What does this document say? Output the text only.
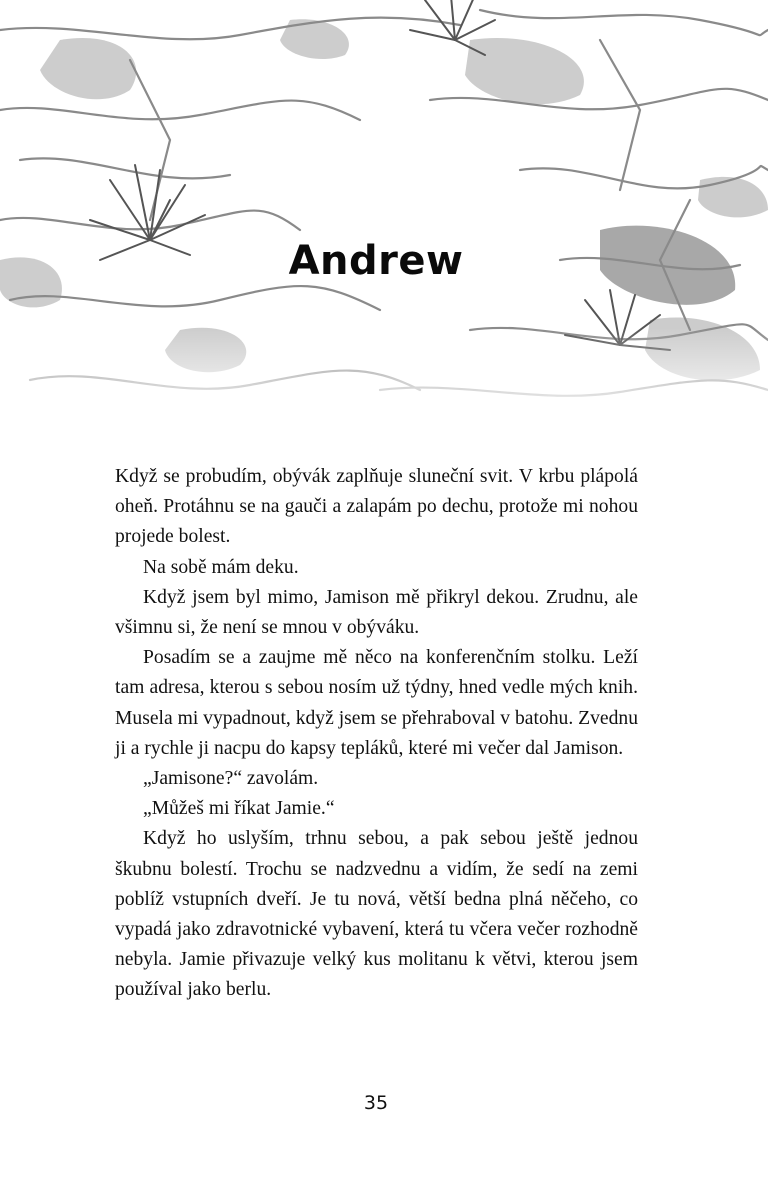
Andrew

Když se probudím, obývák zaplňuje sluneční svit. V krbu plápolá oheň. Protáhnu se na gauči a zalapám po dechu, protože mi nohou projede bolest.

Na sobě mám deku.

Když jsem byl mimo, Jamison mě přikryl dekou. Zrudnu, ale všimnu si, že není se mnou v obýváku.

Posadím se a zaujme mě něco na konferenčním stolku. Leží tam adresa, kterou s sebou nosím už týdny, hned vedle mých knih. Musela mi vypadnout, když jsem se přehraboval v batohu. Zvednu ji a rychle ji nacpu do kapsy tepláků, které mi večer dal Jamison.

„Jamisone?“ zavolám.

„Můžeš mi říkat Jamie.“

Když ho uslyším, trhnu sebou, a pak sebou ještě jednou škubnu bolestí. Trochu se nadzvednu a vidím, že sedí na zemi poblíž vstupních dveří. Je tu nová, větší bedna plná něčeho, co vypadá jako zdravotnické vybavení, která tu včera večer rozhodně nebyla. Jamie přivazuje velký kus molitanu k větvi, kterou jsem používal jako berlu.

35
